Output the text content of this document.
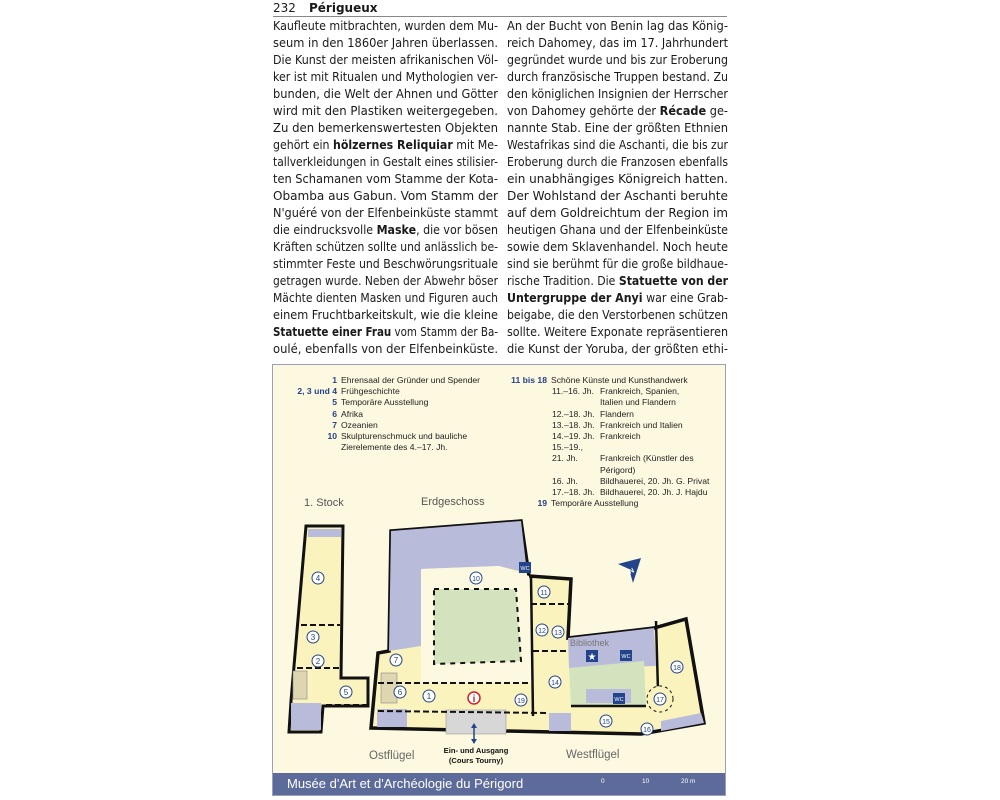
232 Périgueux
Kaufleute mitbrachten, wurden dem Mu-
seum in den 1860er Jahren überlassen.
Die Kunst der meisten afrikanischen Völ-
ker ist mit Ritualen und Mythologien ver-
bunden, die Welt der Ahnen und Götter
wird mit den Plastiken weitergegeben.
Zu den bemerkenswertesten Objekten
gehört ein hölzernes Reliquiar mit Me-
tallverkleidungen in Gestalt eines stilisier-
ten Schamanen vom Stamme der Kota-
Obamba aus Gabun. Vom Stamm der
N'guéré von der Elfenbeinküste stammt
die eindrucksvolle Maske, die vor bösen
Kräften schützen sollte und anlässlich be-
stimmter Feste und Beschwörungsrituale
getragen wurde. Neben der Abwehr böser
Mächte dienten Masken und Figuren auch
einem Fruchtbarkeitskult, wie die kleine
Statuette einer Frau vom Stamm der Ba-
oulé, ebenfalls von der Elfenbeinküste.
An der Bucht von Benin lag das König-
reich Dahomey, das im 17. Jahrhundert
gegründet wurde und bis zur Eroberung
durch französische Truppen bestand. Zu
den königlichen Insignien der Herrscher
von Dahomey gehörte der Récade ge-
nannte Stab. Eine der größten Ethnien
Westafrikas sind die Aschanti, die bis zur
Eroberung durch die Franzosen ebenfalls
ein unabhängiges Königreich hatten.
Der Wohlstand der Aschanti beruhte
auf dem Goldreichtum der Region im
heutigen Ghana und der Elfenbeinküste
sowie dem Sklavenhandel. Noch heute
sind sie berühmt für die große bildhaue-
rische Tradition. Die Statuette von der
Untergruppe der Anyi war eine Grab-
beigabe, die den Verstorbenen schützen
sollte. Weitere Exponate repräsentieren
die Kunst der Yoruba, der größten ethi-
1 Ehrensaal der Gründer und Spender
2, 3 und 4 Frühgeschichte
5 Temporäre Ausstellung
6 Afrika
7 Ozeanien
10 Skulpturenschmuck und bauliche
Zierelemente des 4.–17. Jh.
11 bis 18 Schöne Künste und Kunsthandwerk
11.–16. Jh. Frankreich, Spanien,
Italien und Flandern
12.–18. Jh. Flandern
13.–18. Jh. Frankreich und Italien
14.–19. Jh. Frankreich
15.–19.,
21. Jh.	Frankreich (Künstler des
Périgord)
16. Jh.	Bildhauerei, 20. Jh. G. Privat
17.–18. Jh. Bildhauerei, 20. Jh. J. Hajdu
19 Temporäre Ausstellung
1
2
3
4
5	6
7
10
11
12 13
14
15
16
17
18
19
i
WC
WC
WC
★
Bibliothek
N
1. Stock	Erdgeschoss
Ostflügel	Westflügel
Ein- und Ausgang
(Cours Tourny)
Musée d'Art et d'Archéologie du Périgord	0	10	20 m
